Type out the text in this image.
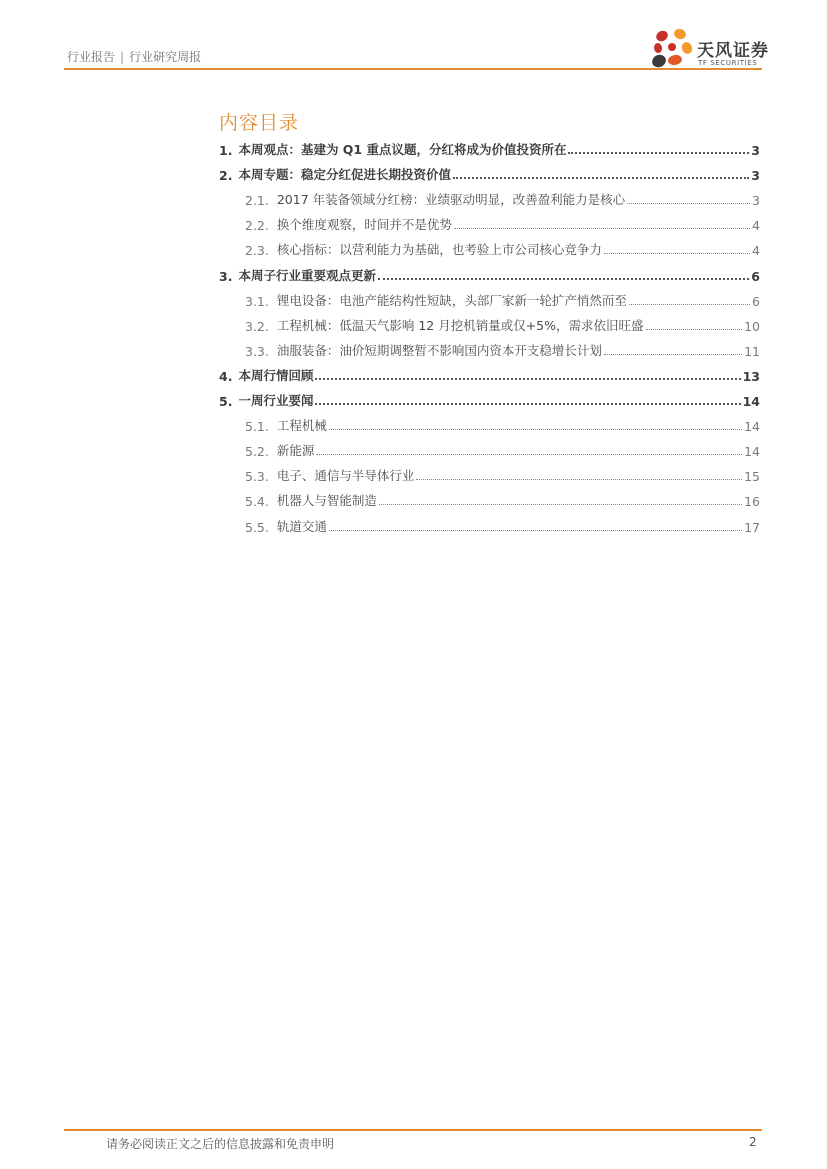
行业报告 | 行业研究周报	天风证券
TF SECURITIES
内容目录
1. 本周观点：基建为 Q1 重点议题，分红将成为价值投资所在	3
2. 本周专题：稳定分红促进长期投资价值	3
2.1. 2017 年装备领域分红榜：业绩驱动明显，改善盈利能力是核心	3
2.2. 换个维度观察，时间并不是优势	4
2.3. 核心指标：以营利能力为基础，也考验上市公司核心竞争力	4
3. 本周子行业重要观点更新	6
3.1. 锂电设备：电池产能结构性短缺，头部厂家新一轮扩产悄然而至	6
3.2. 工程机械：低温天气影响 12 月挖机销量或仅+5%，需求依旧旺盛	10
3.3. 油服装备：油价短期调整暂不影响国内资本开支稳增长计划	11
4. 本周行情回顾	13
5. 一周行业要闻	14
5.1. 工程机械	14
5.2. 新能源	14
5.3. 电子、通信与半导体行业	15
5.4. 机器人与智能制造	16
5.5. 轨道交通	17
请务必阅读正文之后的信息披露和免责申明	2
